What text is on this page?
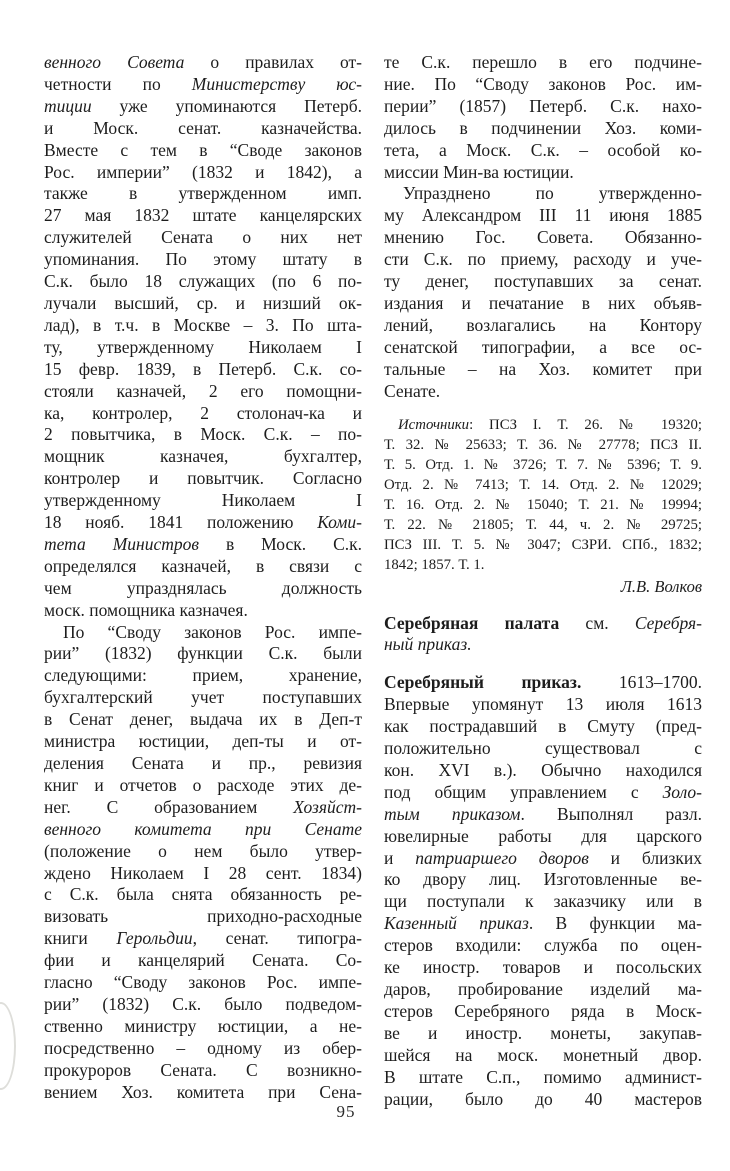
венного Совета о правилах от-
четности по Министерству юс-
тиции уже упоминаются Петерб.
и Моск. сенат. казначейства.
Вместе с тем в “Своде законов
Рос. империи” (1832 и 1842), а
также в утвержденном имп.
27 мая 1832 штате канцелярских
служителей Сената о них нет
упоминания. По этому штату в
С.к. было 18 служащих (по 6 по-
лучали высший, ср. и низший ок-
лад), в т.ч. в Москве – 3. По шта-
ту, утвержденному Николаем I
15 февр. 1839, в Петерб. С.к. со-
стояли казначей, 2 его помощни-
ка, контролер, 2 столонач-ка и
2 повытчика, в Моск. С.к. – по-
мощник казначея, бухгалтер,
контролер и повытчик. Согласно
утвержденному Николаем I
18 нояб. 1841 положению Коми-
тета Министров в Моск. С.к.
определялся казначей, в связи с
чем упразднялась должность
моск. помощника казначея.
По “Своду законов Рос. импе-
рии” (1832) функции С.к. были
следующими: прием, хранение,
бухгалтерский учет поступавших
в Сенат денег, выдача их в Деп-т
министра юстиции, деп-ты и от-
деления Сената и пр., ревизия
книг и отчетов о расходе этих де-
нег. С образованием Хозяйст-
венного комитета при Сенате
(положение о нем было утвер-
ждено Николаем I 28 сент. 1834)
с С.к. была снята обязанность ре-
визовать приходно-расходные
книги Герольдии, сенат. типогра-
фии и канцелярий Сената. Со-
гласно “Своду законов Рос. импе-
рии” (1832) С.к. было подведом-
ственно министру юстиции, а не-
посредственно – одному из обер-
прокуроров Сената. С возникно-
вением Хоз. комитета при Сена-
те С.к. перешло в его подчине-
ние. По “Своду законов Рос. им-
перии” (1857) Петерб. С.к. нахо-
дилось в подчинении Хоз. коми-
тета, а Моск. С.к. – особой ко-
миссии Мин-ва юстиции.
Упразднено по утвержденно-
му Александром III 11 июня 1885
мнению Гос. Совета. Обязанно-
сти С.к. по приему, расходу и уче-
ту денег, поступавших за сенат.
издания и печатание в них объяв-
лений, возлагались на Контору
сенатской типографии, а все ос-
тальные – на Хоз. комитет при
Сенате.
Источники: ПСЗ I. Т. 26. № 19320;
Т. 32. № 25633; Т. 36. № 27778; ПСЗ II.
Т. 5. Отд. 1. № 3726; Т. 7. № 5396; Т. 9.
Отд. 2. № 7413; Т. 14. Отд. 2. № 12029;
Т. 16. Отд. 2. № 15040; Т. 21. № 19994;
Т. 22. № 21805; Т. 44, ч. 2. № 29725;
ПСЗ III. Т. 5. № 3047; СЗРИ. СПб., 1832;
1842; 1857. Т. 1.
Л.В. Волков
Серебряная палата см. Серебря-
ный приказ.
Серебряный приказ. 1613–1700.
Впервые упомянут 13 июля 1613
как пострадавший в Смуту (пред-
положительно существовал с
кон. XVI в.). Обычно находился
под общим управлением с Золо-
тым приказом. Выполнял разл.
ювелирные работы для царского
и патриаршего дворов и близких
ко двору лиц. Изготовленные ве-
щи поступали к заказчику или в
Казенный приказ. В функции ма-
стеров входили: служба по оцен-
ке иностр. товаров и посольских
даров, пробирование изделий ма-
стеров Серебряного ряда в Моск-
ве и иностр. монеты, закупав-
шейся на моск. монетный двор.
В штате С.п., помимо админист-
рации, было до 40 мастеров
95
